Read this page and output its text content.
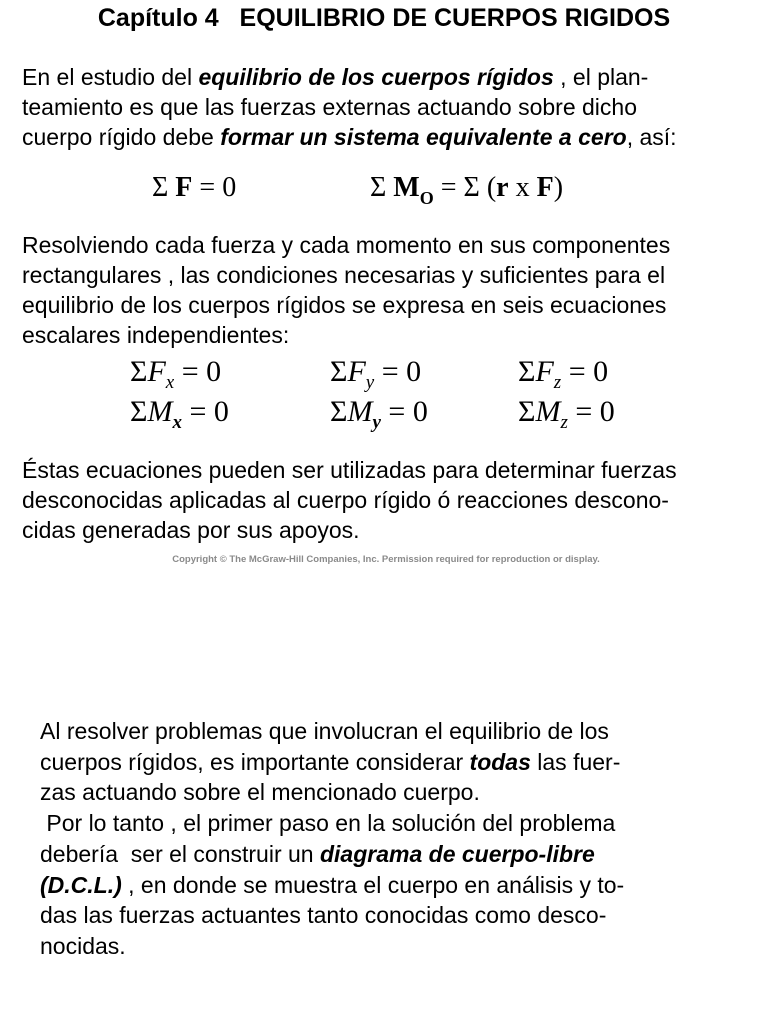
Capítulo 4   EQUILIBRIO DE CUERPOS RIGIDOS

En el estudio del equilibrio de los cuerpos rígidos , el plan-
teamiento es que las fuerzas externas actuando sobre dicho
cuerpo rígido debe formar un sistema equivalente a cero, así:

Σ F = 0	Σ $M_O = \Sigma$ (r x F)

Resolviendo cada fuerza y cada momento en sus componentes
rectangulares , las condiciones necesarias y suficientes para el
equilibrio de los cuerpos rígidos se expresa en seis ecuaciones
escalares independientes:

$\Sigma F_x = 0$	$\Sigma F_y = 0$	$\Sigma F_z = 0$
$\Sigma M_x = 0$	$\Sigma M_y = 0$	$\Sigma M_z = 0$

Éstas ecuaciones pueden ser utilizadas para determinar fuerzas
desconocidas aplicadas al cuerpo rígido ó reacciones descono-
cidas generadas por sus apoyos.

Copyright © The McGraw-Hill Companies, Inc. Permission required for reproduction or display.

Al resolver problemas que involucran el equilibrio de los
cuerpos rígidos, es importante considerar todas las fuer-
zas actuando sobre el mencionado cuerpo.
Por lo tanto , el primer paso en la solución del problema
debería  ser el construir un diagrama de cuerpo-libre
(D.C.L.) , en donde se muestra el cuerpo en análisis y to-
das las fuerzas actuantes tanto conocidas como desco-
nocidas.
